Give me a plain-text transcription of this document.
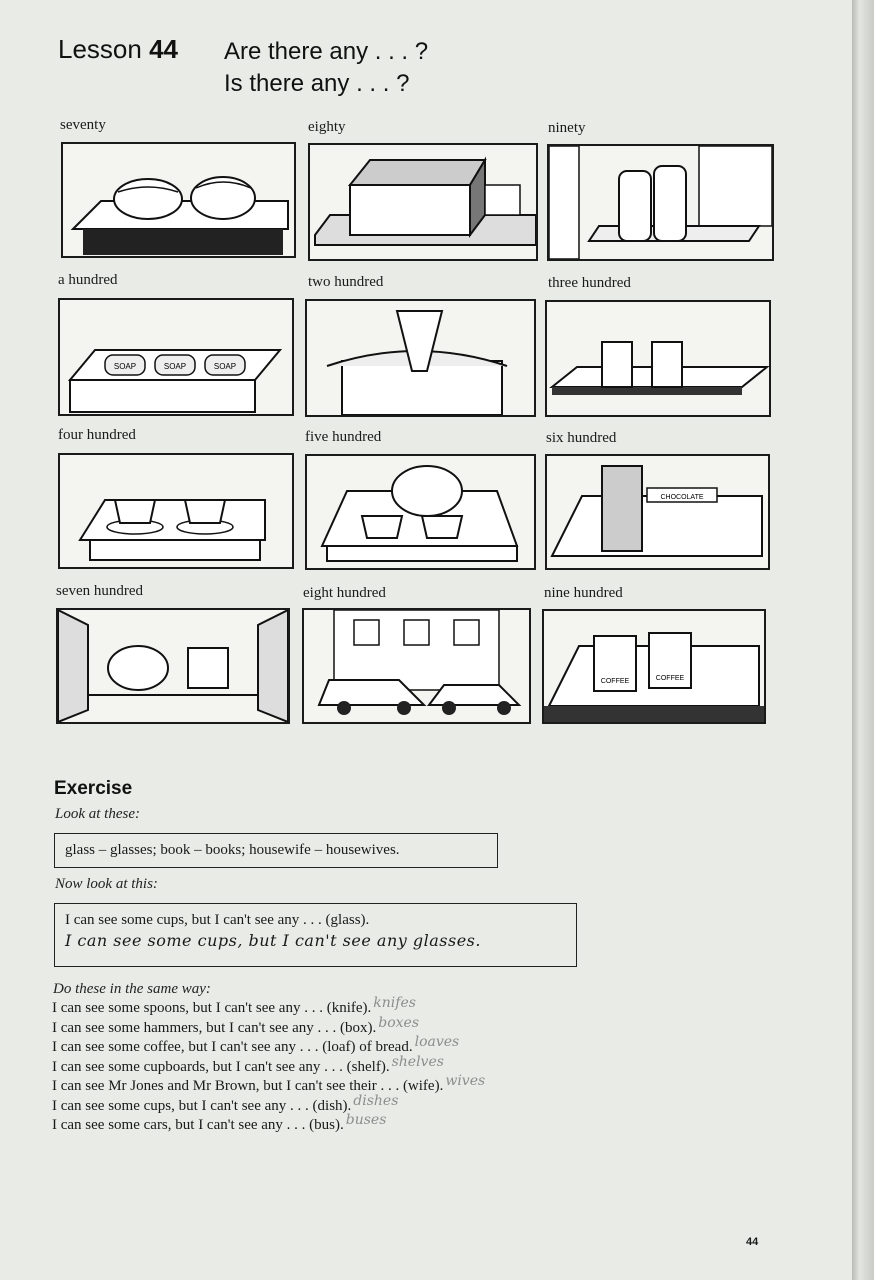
Lesson 44 Are there any . . . ?
Is there any . . . ?
seventy	eighty	ninety
a hundred
SOAP	SOAP	SOAP
two hundred	three hundred
four hundred	five hundred	six hundred
CHOCOLATE
seven hundred	eight hundred	nine hundred
COFFEE	COFFEE
Exercise
Look at these:
glass – glasses; book – books; housewife – housewives.
Now look at this:
I can see some cups, but I can't see any . . . (glass).
I can see some cups, but I can't see any glasses.
Do these in the same way:
I can see some spoons, but I can't see any . . . (knife). knifes
I can see some hammers, but I can't see any . . . (box). boxes
I can see some coffee, but I can't see any . . . (loaf) of bread. loaves
I can see some cupboards, but I can't see any . . . (shelf). shelves
I can see Mr Jones and Mr Brown, but I can't see their . . . (wife). wives
I can see some cups, but I can't see any . . . (dish). dishes
I can see some cars, but I can't see any . . . (bus). buses
44
